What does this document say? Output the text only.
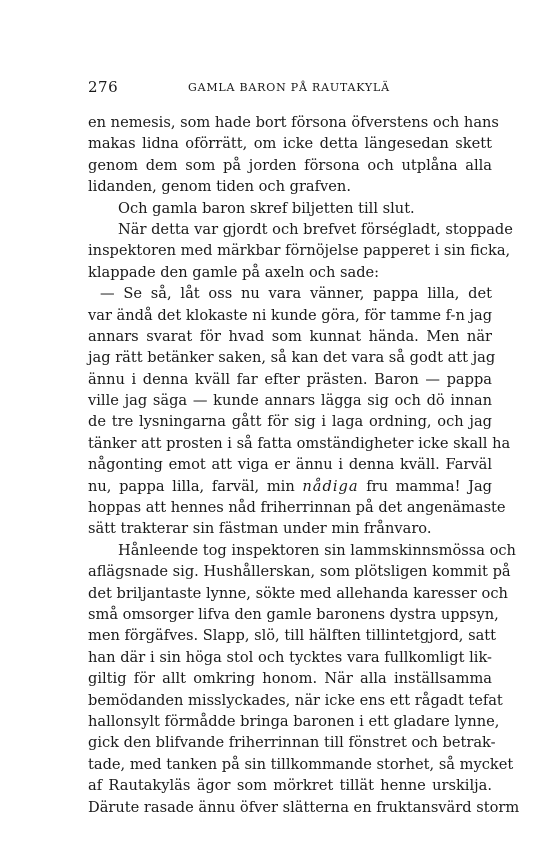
276	GAMLA BARON PÅ RAUTAKYLÄ
en nemesis, som hade bort försona öfverstens och hans
makas lidna oförrätt, om icke detta längesedan skett
genom dem som på jorden försona och utplåna alla
lidanden, genom tiden och grafven.
Och gamla baron skref biljetten till slut.
När detta var gjordt och brefvet förségladt, stoppade
inspektoren med märkbar förnöjelse papperet i sin ficka,
klappade den gamle på axeln och sade:
— Se så, låt oss nu vara vänner, pappa lilla, det
var ändå det klokaste ni kunde göra, för tamme f-n jag
annars svarat för hvad som kunnat hända. Men när
jag rätt betänker saken, så kan det vara så godt att jag
ännu i denna kväll far efter prästen. Baron — pappa
ville jag säga — kunde annars lägga sig och dö innan
de tre lysningarna gått för sig i laga ordning, och jag
tänker att prosten i så fatta omständigheter icke skall ha
någonting emot att viga er ännu i denna kväll. Farväl
nu, pappa lilla, farväl, min nådiga fru mamma! Jag
hoppas att hennes nåd friherrinnan på det angenämaste
sätt trakterar sin fästman under min frånvaro.
Hånleende tog inspektoren sin lammskinnsmössa och
aflägsnade sig. Hushållerskan, som plötsligen kommit på
det briljantaste lynne, sökte med allehanda karesser och
små omsorger lifva den gamle baronens dystra uppsyn,
men förgäfves. Slapp, slö, till hälften tillintetgjord, satt
han där i sin höga stol och tycktes vara fullkomligt lik-
giltig för allt omkring honom. När alla inställsamma
bemödanden misslyckades, när icke ens ett rågadt tefat
hallonsylt förmådde bringa baronen i ett gladare lynne,
gick den blifvande friherrinnan till fönstret och betrak-
tade, med tanken på sin tillkommande storhet, så mycket
af Rautakyläs ägor som mörkret tillät henne urskilja.
Därute rasade ännu öfver slätterna en fruktansvärd storm
